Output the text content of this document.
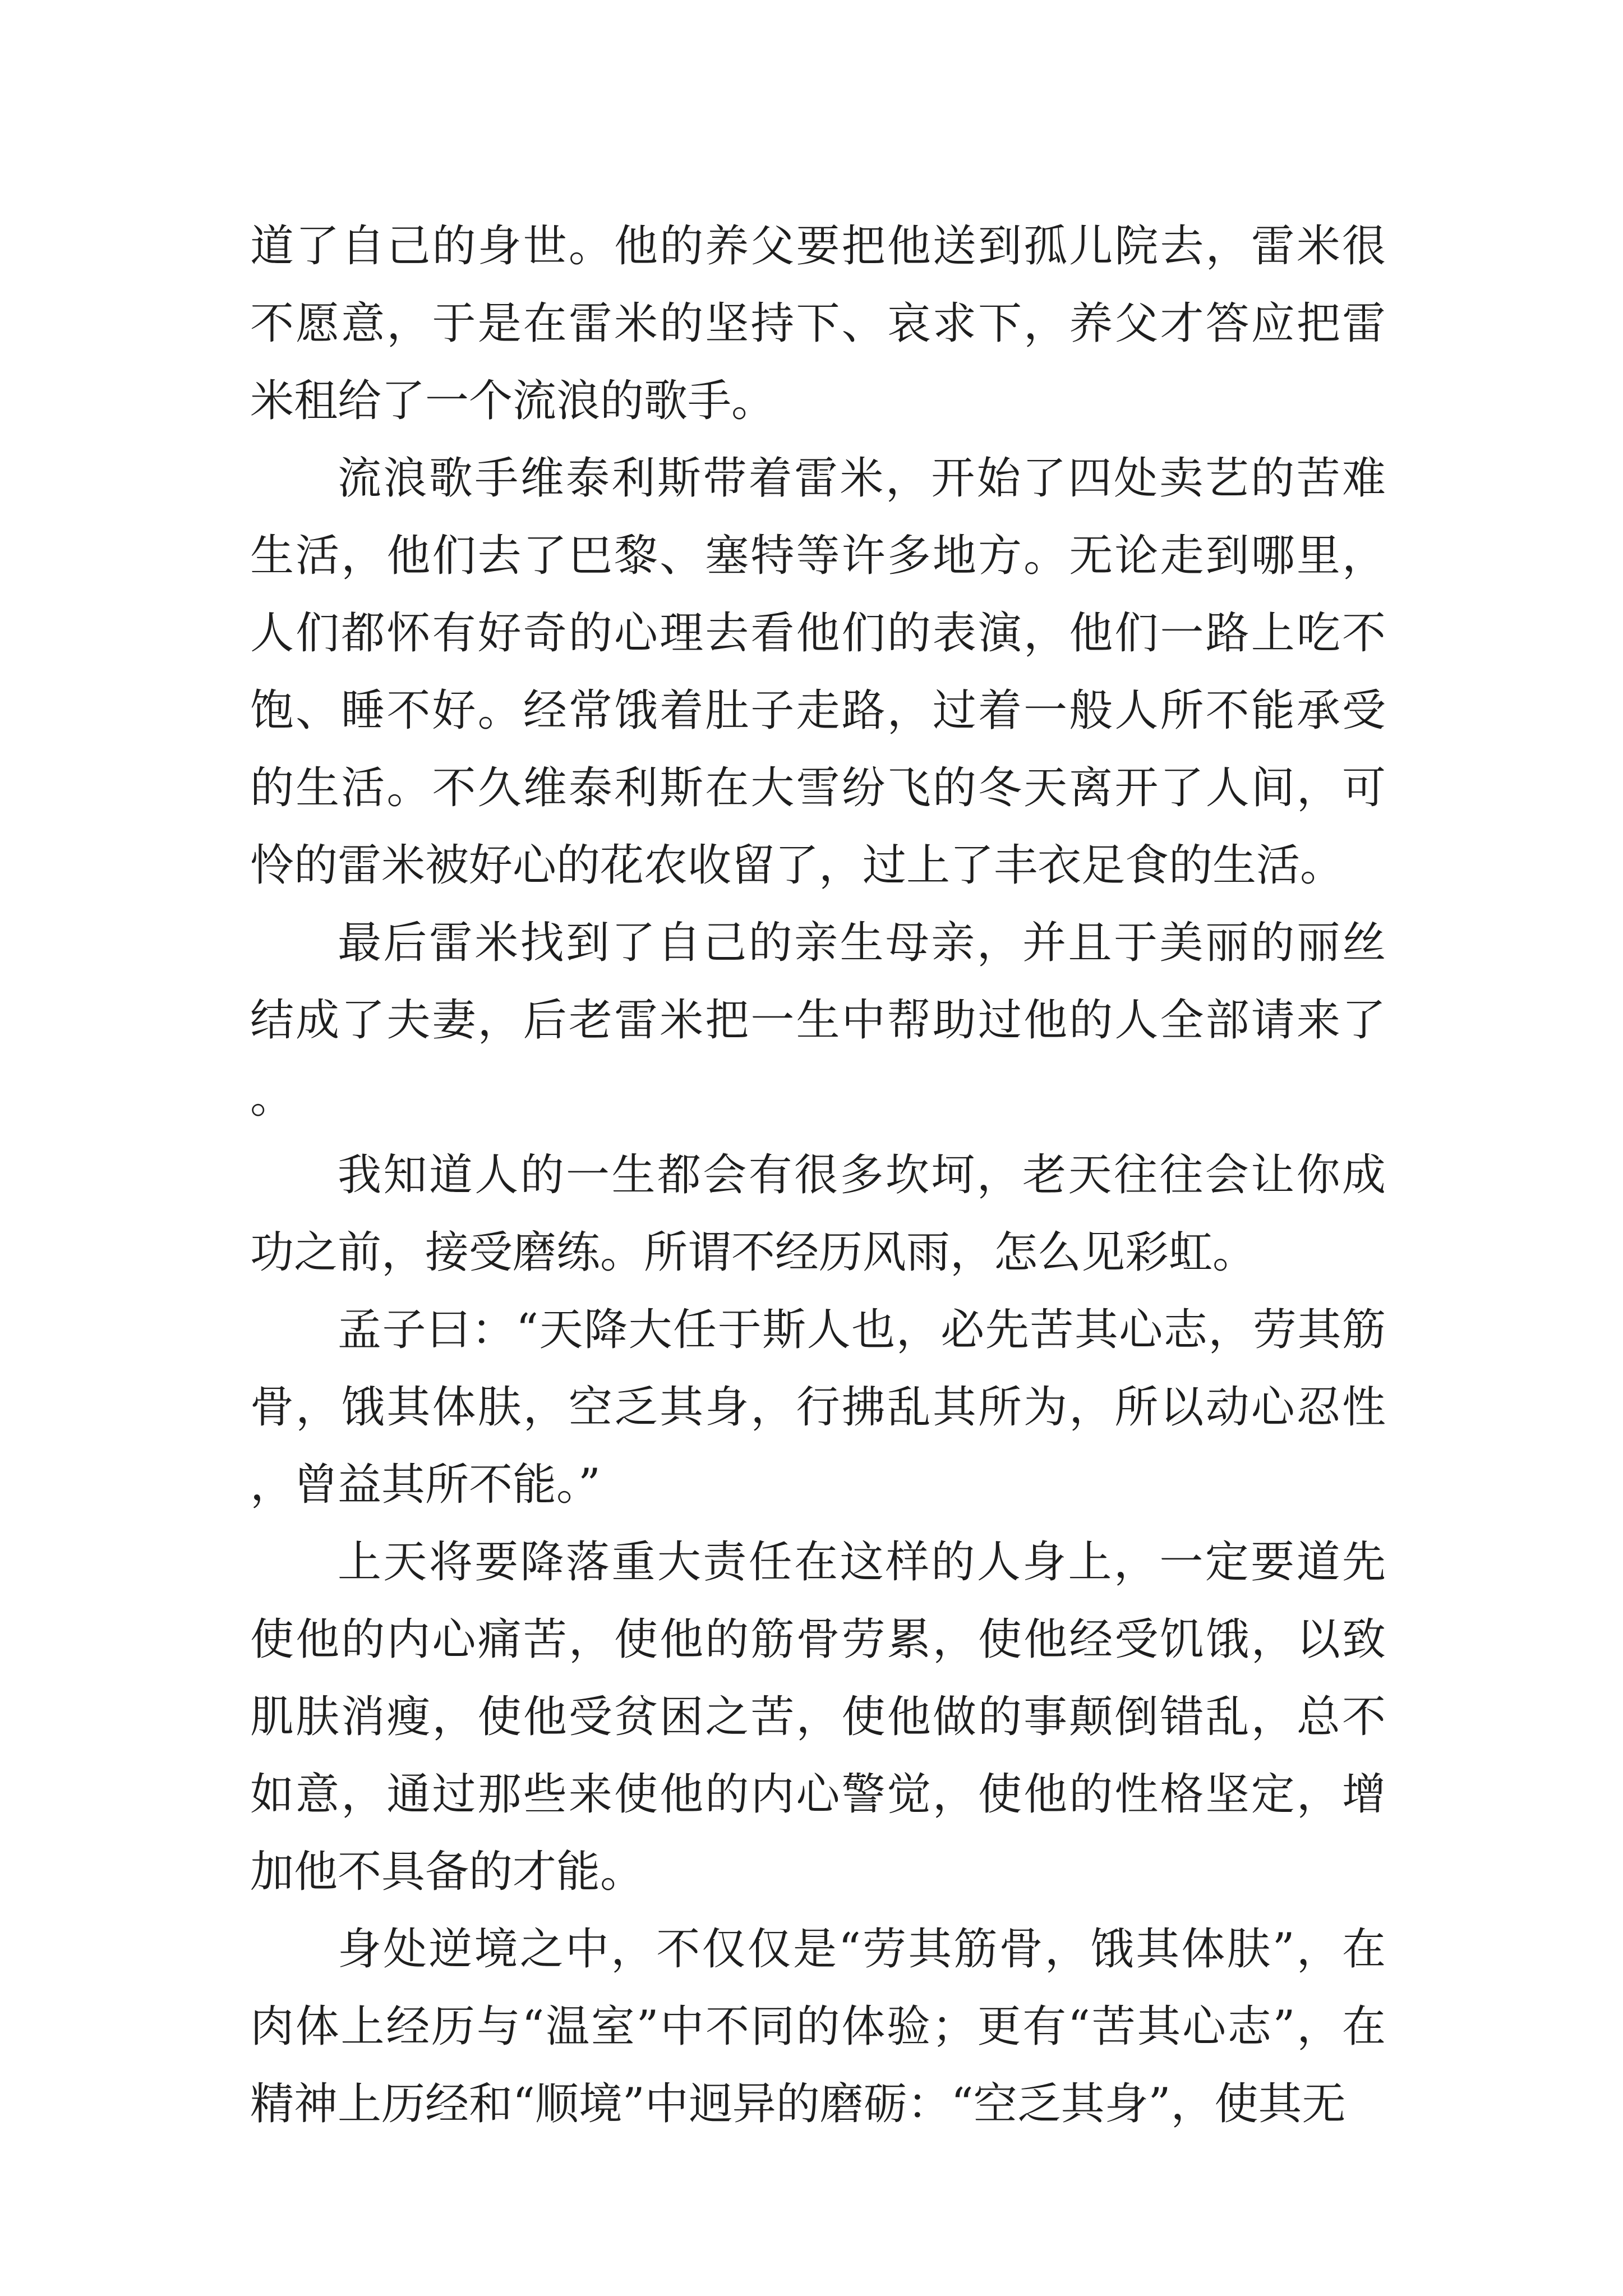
道了自己的身世。他的养父要把他送到孤儿院去，雷米很不愿意，于是在雷米的坚持下、哀求下，养父才答应把雷米租给了一个流浪的歌手。

流浪歌手维泰利斯带着雷米，开始了四处卖艺的苦难生活，他们去了巴黎、塞特等许多地方。无论走到哪里，人们都怀有好奇的心理去看他们的表演，他们一路上吃不饱、睡不好。经常饿着肚子走路，过着一般人所不能承受的生活。不久维泰利斯在大雪纷飞的冬天离开了人间，可怜的雷米被好心的花农收留了，过上了丰衣足食的生活。

最后雷米找到了自己的亲生母亲，并且于美丽的丽丝结成了夫妻，后老雷米把一生中帮助过他的人全部请来了。

我知道人的一生都会有很多坎坷，老天往往会让你成功之前，接受磨练。所谓不经历风雨，怎么见彩虹。

孟子曰：“天降大任于斯人也，必先苦其心志，劳其筋骨，饿其体肤，空乏其身，行拂乱其所为，所以动心忍性，曾益其所不能。”

上天将要降落重大责任在这样的人身上，一定要道先使他的内心痛苦，使他的筋骨劳累，使他经受饥饿，以致肌肤消瘦，使他受贫困之苦，使他做的事颠倒错乱，总不如意，通过那些来使他的内心警觉，使他的性格坚定，增加他不具备的才能。

身处逆境之中，不仅仅是“劳其筋骨，饿其体肤”，在肉体上经历与“温室”中不同的体验；更有“苦其心志”，在精神上历经和“顺境”中迥异的磨砺：“空乏其身”，使其无
